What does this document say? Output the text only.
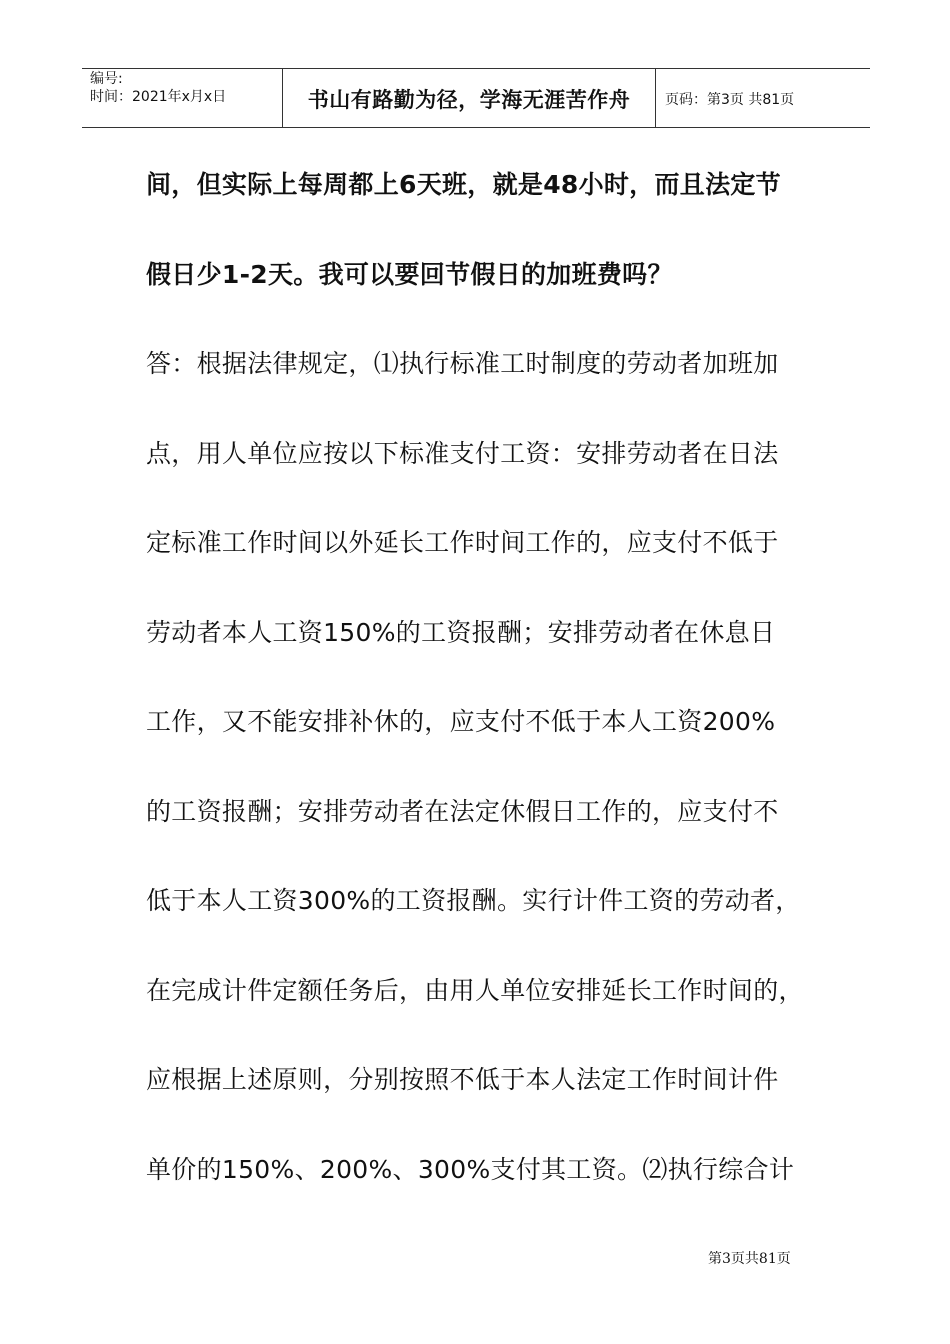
编号:
时间：2021年x月x日	书山有路勤为径，学海无涯苦作舟	页码：第3页 共81页
间，但实际上每周都上6天班，就是48小时，而且法定节
假日少1-2天。我可以要回节假日的加班费吗？
答：根据法律规定，⑴执行标准工时制度的劳动者加班加
点，用人单位应按以下标准支付工资：安排劳动者在日法
定标准工作时间以外延长工作时间工作的，应支付不低于
劳动者本人工资150%的工资报酬；安排劳动者在休息日
工作，又不能安排补休的，应支付不低于本人工资200%
的工资报酬；安排劳动者在法定休假日工作的，应支付不
低于本人工资300%的工资报酬。实行计件工资的劳动者，
在完成计件定额任务后，由用人单位安排延长工作时间的，
应根据上述原则，分别按照不低于本人法定工作时间计件
单价的150%、200%、300%支付其工资。⑵执行综合计
第3页共81页
